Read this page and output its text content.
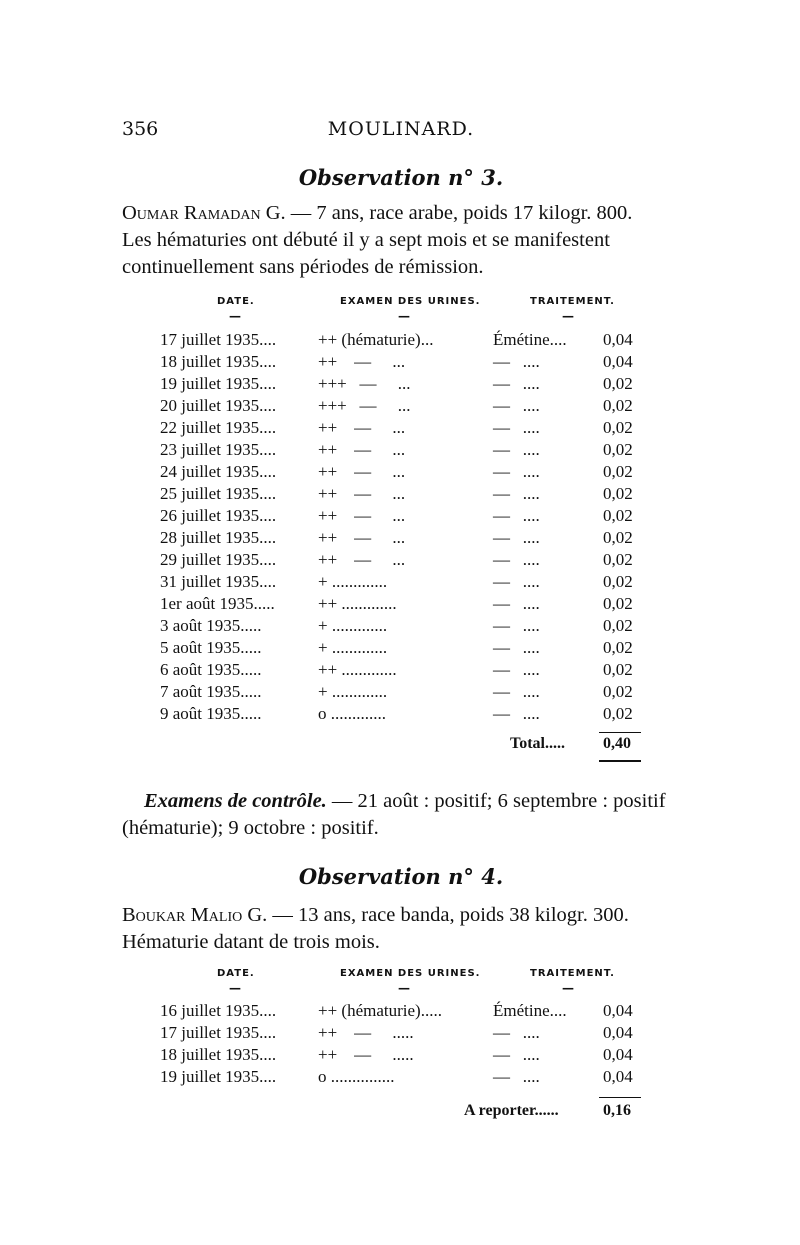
356	MOULINARD.
Observation n° 3.
Oumar Ramadan G. — 7 ans, race arabe, poids 17 kilogr. 800.
Les hématuries ont débuté il y a sept mois et se manifestent
continuellement sans périodes de rémission.
DATE.	EXAMEN DES URINES.	TRAITEMENT.
—	—	—
17 juillet 1935.... ++ (hématurie)...	Émétine.... 0,04
18 juillet 1935.... ++    —     ...	—   ....	0,04
19 juillet 1935.... +++   —     ...	—   ....	0,02
20 juillet 1935.... +++   —     ...	—   ....	0,02
22 juillet 1935.... ++    —     ...	—   ....	0,02
23 juillet 1935.... ++    —     ...	—   ....	0,02
24 juillet 1935.... ++    —     ...	—   ....	0,02
25 juillet 1935.... ++    —     ...	—   ....	0,02
26 juillet 1935.... ++    —     ...	—   ....	0,02
28 juillet 1935.... ++    —     ...	—   ....	0,02
29 juillet 1935.... ++    —     ...	—   ....	0,02
31 juillet 1935.... + .............	—   ....	0,02
1er août 1935.....	++ .............	—   ....	0,02
3 août 1935.....	+ .............	—   ....	0,02
5 août 1935.....	+ .............	—   ....	0,02
6 août 1935.....	++ .............	—   ....	0,02
7 août 1935.....	+ .............	—   ....	0,02
9 août 1935.....	o .............	—   ....	0,02
Total..... 0,40
Examens de contrôle. — 21 août : positif; 6 septembre : positif
(hématurie); 9 octobre : positif.
Observation n° 4.
Boukar Malio G. — 13 ans, race banda, poids 38 kilogr. 300.
Hématurie datant de trois mois.
DATE.	EXAMEN DES URINES.	TRAITEMENT.
—	—	—
16 juillet 1935.... ++ (hématurie).....	Émétine.... 0,04
17 juillet 1935.... ++    —     .....	—   ....	0,04
18 juillet 1935.... ++    —     .....	—   ....	0,04
19 juillet 1935.... o ...............	—   ....	0,04
A reporter......	0,16
